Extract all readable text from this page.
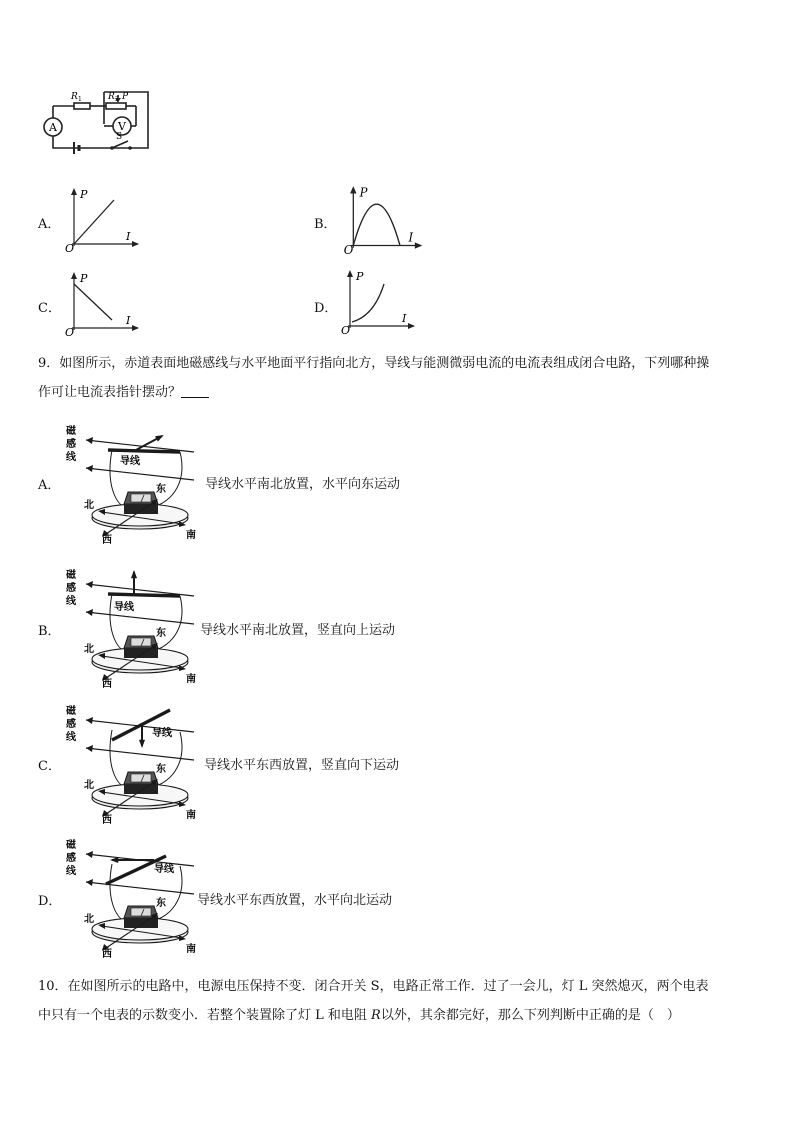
A	V
R 1	R 2 P
S
A．	B．
C．	D．
P
I
O
P
I
O
P
I
O
P
I
O
9．如图所示，赤道表面地磁感线与水平地面平行指向北方，导线与能测微弱电流的电流表组成闭合电路，下列哪种操
作可让电流表指针摆动？
A．
磁
感
线
北
南
东
西
导线
导线水平南北放置，水平向东运动
B．
磁
感
线
北
南
东
西
导线
导线水平南北放置，竖直向上运动
C．
磁
感
线
北
南
东
西
导线
导线水平东西放置，竖直向下运动
D．
磁
感
线
北
南
东
西
导线
导线水平东西放置，水平向北运动
10．在如图所示的电路中，电源电压保持不变．闭合开关 S，电路正常工作．过了一会儿，灯 L 突然熄灭，两个电表
中只有一个电表的示数变小．若整个装置除了灯 L 和电阻 R以外，其余都完好，那么下列判断中正确的是（　）
